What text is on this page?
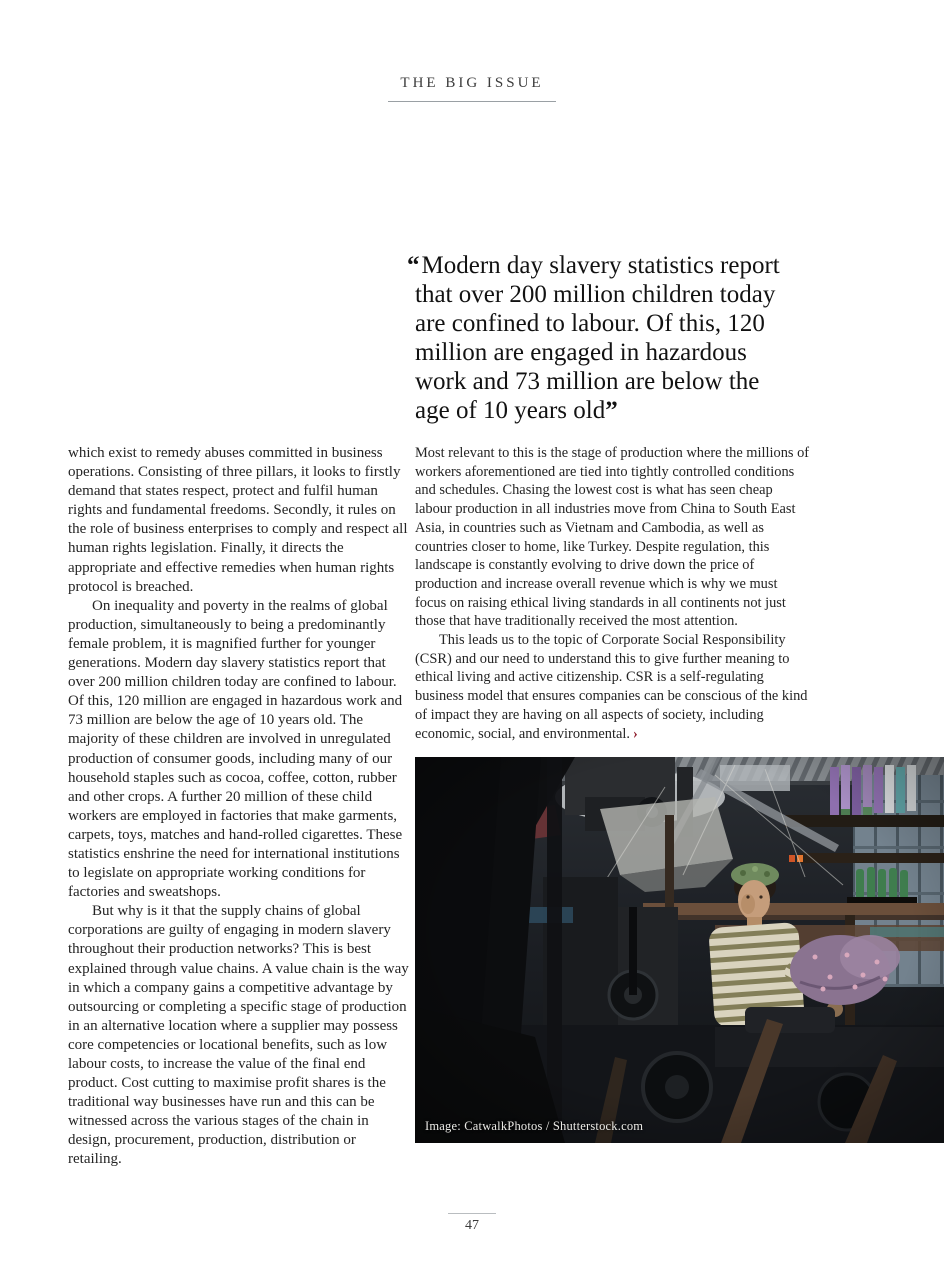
THE BIG ISSUE
“Modern day slavery statistics report
that over 200 million children today
are confined to labour. Of this, 120
million are engaged in hazardous
work and 73 million are below the
age of 10 years old”

which exist to remedy abuses committed in business operations. Consisting of three pillars, it looks to firstly demand that states respect, protect and fulfil human rights and fundamental freedoms. Secondly, it rules on the role of business enterprises to comply and respect all human rights legislation. Finally, it directs the appropriate and effective remedies when human rights protocol is breached.

On inequality and poverty in the realms of global production, simultaneously to being a predominantly female problem, it is magnified further for younger generations. Modern day slavery statistics report that over 200 million children today are confined to labour. Of this, 120 million are engaged in hazardous work and 73 million are below the age of 10 years old. The majority of these children are involved in unregulated production of consumer goods, including many of our household staples such as cocoa, coffee, cotton, rubber and other crops. A further 20 million of these child workers are employed in factories that make garments, carpets, toys, matches and hand-rolled cigarettes. These statistics enshrine the need for international institutions to legislate on appropriate working conditions for factories and sweatshops.

But why is it that the supply chains of global corporations are guilty of engaging in modern slavery throughout their production networks? This is best explained through value chains. A value chain is the way in which a company gains a competitive advantage by outsourcing or completing a specific stage of production in an alternative location where a supplier may possess core competencies or locational benefits, such as low labour costs, to increase the value of the final end product. Cost cutting to maximise profit shares is the traditional way businesses have run and this can be witnessed across the various stages of the chain in design, procurement, production, distribution or retailing.

Most relevant to this is the stage of production where the millions of workers aforementioned are tied into tightly controlled conditions and schedules. Chasing the lowest cost is what has seen cheap labour production in all industries move from China to South East Asia, in countries such as Vietnam and Cambodia, as well as countries closer to home, like Turkey. Despite regulation, this landscape is constantly evolving to drive down the price of production and increase overall revenue which is why we must focus on raising ethical living standards in all continents not just those that have traditionally received the most attention.

This leads us to the topic of Corporate Social Responsibility (CSR) and our need to understand this to give further meaning to ethical living and active citizenship. CSR is a self-regulating business model that ensures companies can be conscious of the kind of impact they are having on all aspects of society, including economic, social, and environmental. ›

Image: CatwalkPhotos / Shutterstock.com
47
